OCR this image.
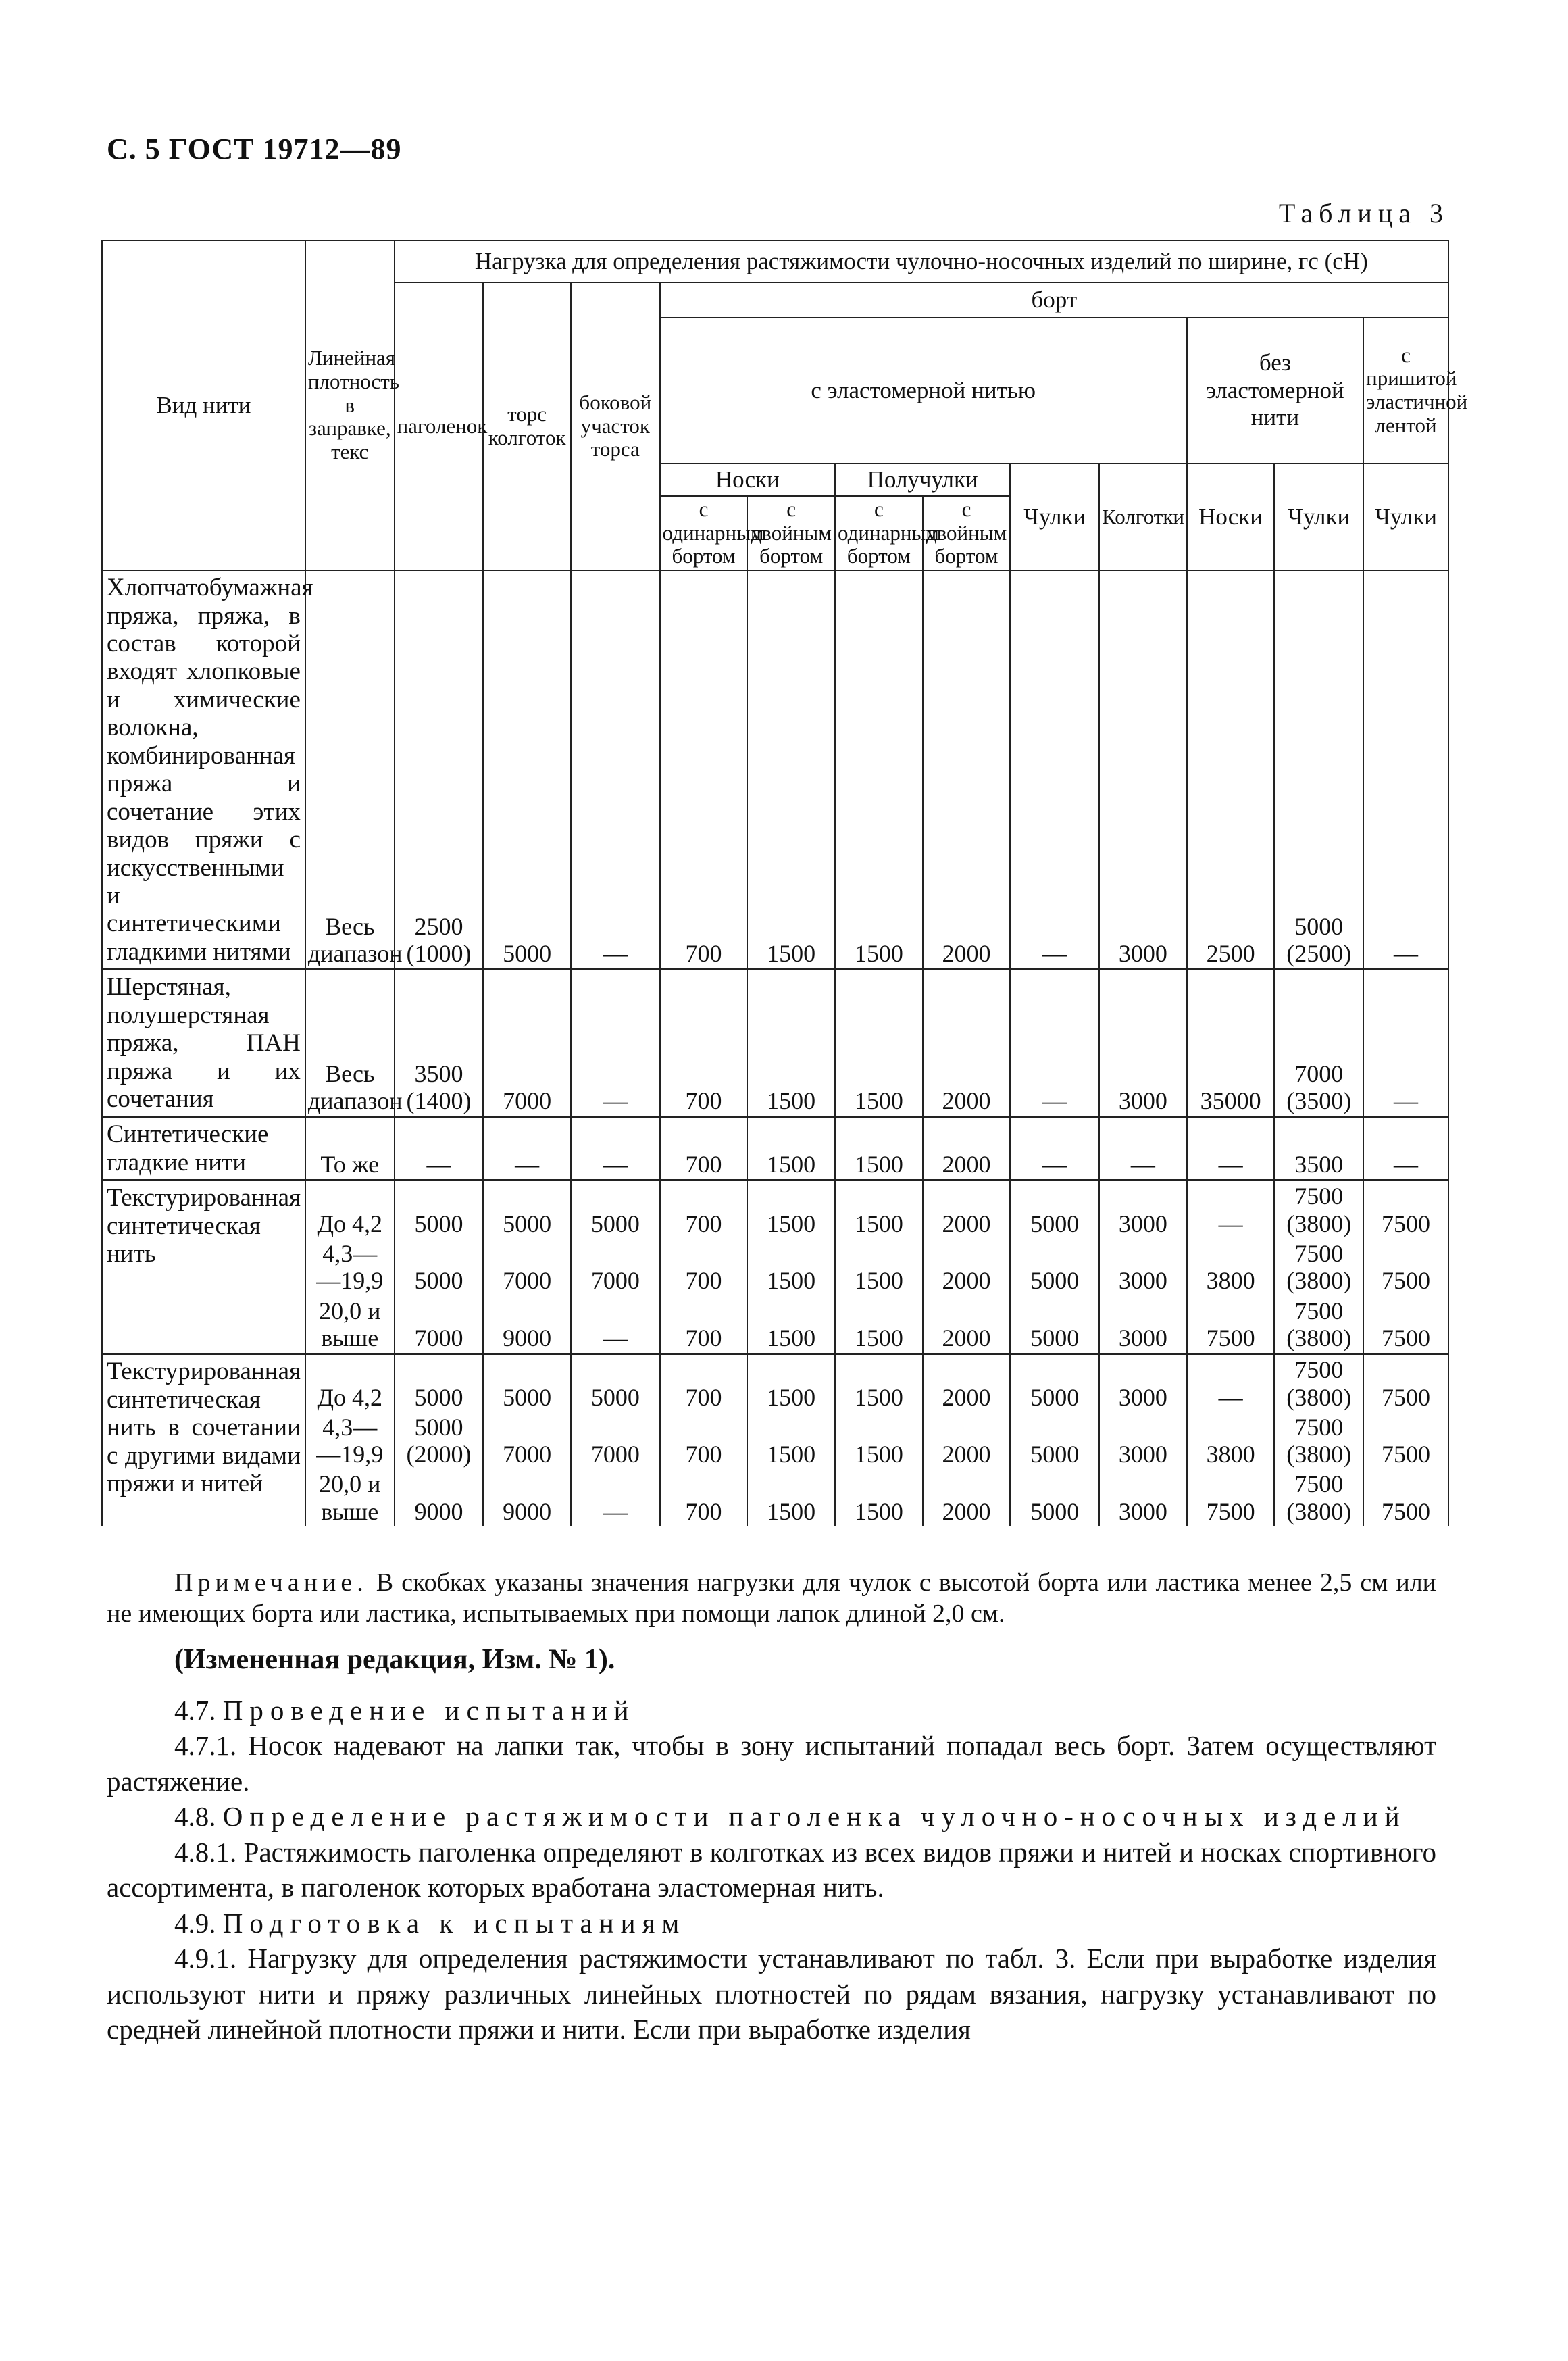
С. 5 ГОСТ 19712—89
Таблица 3
Вид нити	Линейная плотность в заправке, текс	Нагрузка для определения растяжимости чулочно-носочных изделий по ширине, гс (сН)											
		паголенок	торс колготок	боковой участок торса	борт								
					с эластомерной нитью						без эластомерной нити		с пришитой эластичной лентой
					Носки		Получулки		Чулки	Колготки	Носки	Чулки	Чулки
					с одинарным бортом	с двойным бортом	с одинарным бортом	с двойным бортом					
Хлопчатобумажная пряжа, пряжа, в состав которой входят хлопковые и химические волокна, комбинированная пряжа и сочетание этих видов пряжи с искусственными и синтетическими гладкими нитями	Весь диапазон	2500 (1000)	5000	—	700	1500	1500	2000	—	3000	2500	5000 (2500)	—
Шерстяная, полушерстяная пряжа, ПАН пряжа и их сочетания	Весь диапазон	3500 (1400)	7000	—	700	1500	1500	2000	—	3000	35000	7000 (3500)	—
Синтетические гладкие нити	То же	—	—	—	700	1500	1500	2000	—	—	—	3500	—
Текстурированная синтетическая нить	До 4,2	5000	5000	5000	700	1500	1500	2000	5000	3000	—	7500 (3800)	7500
	4,3— —19,9	5000	7000	7000	700	1500	1500	2000	5000	3000	3800	7500 (3800)	7500
	20,0 и выше	7000	9000	—	700	1500	1500	2000	5000	3000	7500	7500 (3800)	7500
Текстурированная синтетическая нить в сочетании с другими видами пряжи и нитей	До 4,2	5000	5000	5000	700	1500	1500	2000	5000	3000	—	7500 (3800)	7500
	4,3— —19,9	5000 (2000)	7000	7000	700	1500	1500	2000	5000	3000	3800	7500 (3800)	7500
	20,0 и выше	9000	9000	—	700	1500	1500	2000	5000	3000	7500	7500 (3800)	7500
Примечание. В скобках указаны значения нагрузки для чулок с высотой борта или ластика менее 2,5 см или не имеющих борта или ластика, испытываемых при помощи лапок длиной 2,0 см.
(Измененная редакция, Изм. № 1).

4.7. Проведение испытаний

4.7.1. Носок надевают на лапки так, чтобы в зону испытаний попадал весь борт. Затем осуществляют растяжение.

4.8. Определение растяжимости паголенка чулочно-носочных изделий

4.8.1. Растяжимость паголенка определяют в колготках из всех видов пряжи и нитей и носках спортивного ассортимента, в паголенок которых вработана эластомерная нить.

4.9. Подготовка к испытаниям

4.9.1. Нагрузку для определения растяжимости устанавливают по табл. 3. Если при выработке изделия используют нити и пряжу различных линейных плотностей по рядам вязания, нагрузку устанавливают по средней линейной плотности пряжи и нити. Если при выработке изделия
